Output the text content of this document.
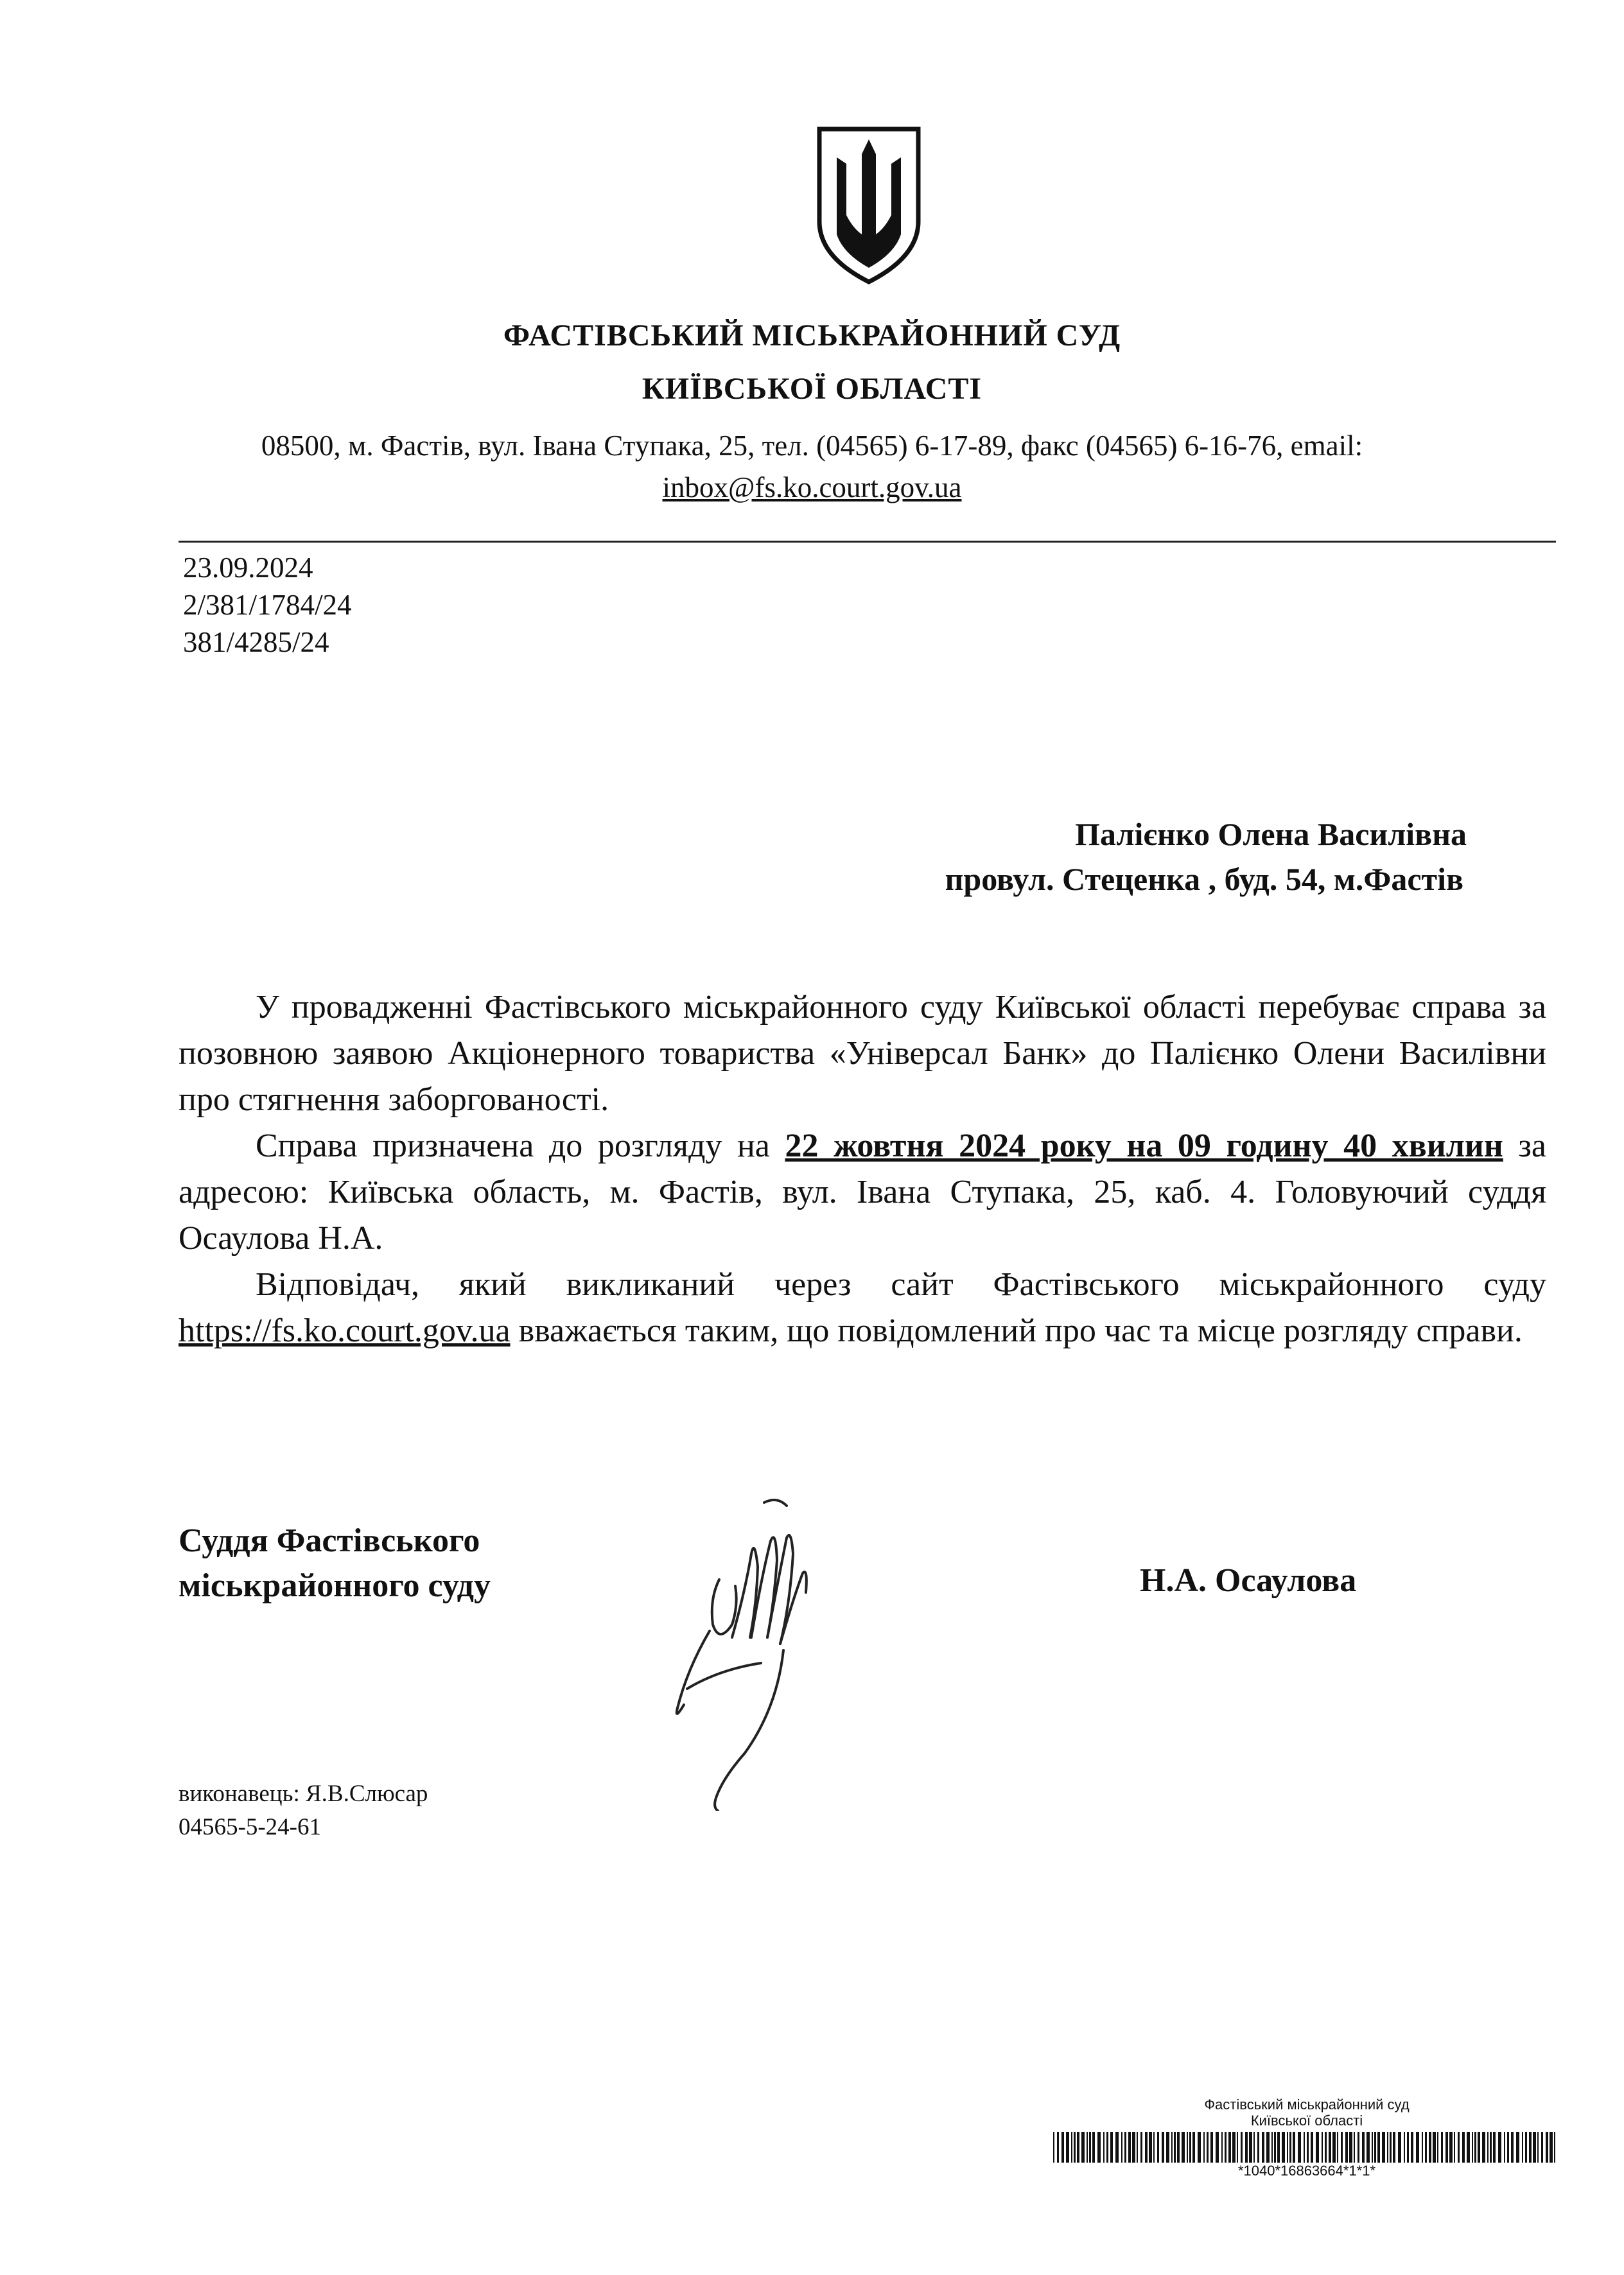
ФАСТІВСЬКИЙ МІСЬКРАЙОННИЙ СУД
КИЇВСЬКОЇ ОБЛАСТІ
08500, м. Фастів, вул. Івана Ступака, 25, тел. (04565) 6-17-89, факс (04565) 6-16-76, email:
inbox@fs.ko.court.gov.ua
23.09.2024
2/381/1784/24
381/4285/24
Палієнко Олена Василівна
провул. Стеценка , буд. 54, м.Фастів

У провадженні Фастівського міськрайонного суду Київської області перебуває справа за позовною заявою Акціонерного товариства «Універсал Банк» до Палієнко Олени Василівни про стягнення заборгованості.

Справа призначена до розгляду на 22 жовтня 2024 року на 09 годину 40 хвилин за адресою: Київська область, м. Фастів, вул. Івана Ступака, 25, каб. 4. Головуючий суддя Осаулова Н.А.

Відповідач, який викликаний через сайт Фастівського міськрайонного суду https://fs.ko.court.gov.ua вважається таким, що повідомлений про час та місце розгляду справи.

Суддя Фастівського
міськрайонного суду	Н.А. Осаулова
виконавець: Я.В.Слюсар
04565-5-24-61
Фастівський міськрайонний суд
Київської області
*1040*16863664*1*1*
